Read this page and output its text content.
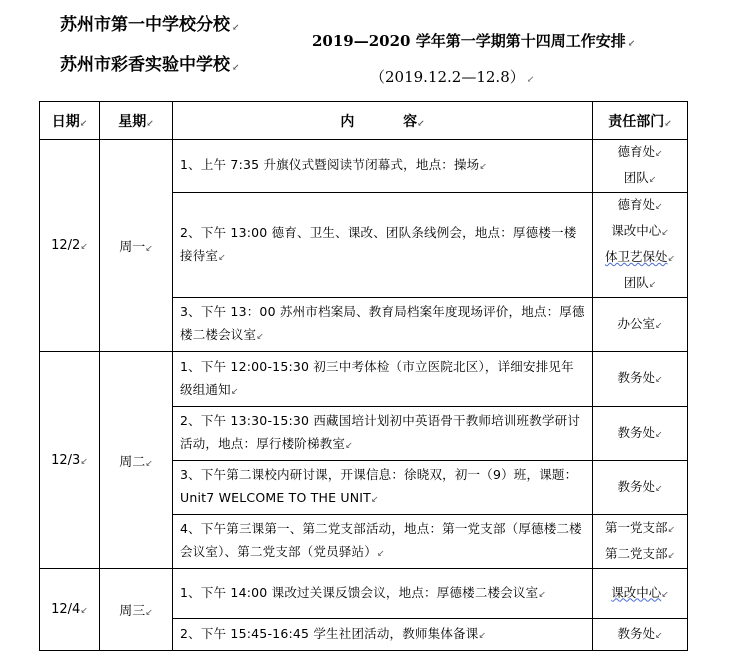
苏州市第一中学校分校 ↙
苏州市彩香实验中学校 ↙
2019—2020 学年第一学期第十四周工作安排 ↙
（2019.12.2—12.8） ↙
日期↙	星期↙	内          容↙	责任部门↙
12/2↙	周一↙	1、上午 7:35 升旗仪式暨阅读节闭幕式，地点：操场↙	德育处↙
团队↙
		2、下午 13:00 德育、卫生、课改、团队条线例会，地点：厚德楼一楼接待室↙	德育处↙
课改中心↙
体卫艺保处↙
团队↙
		3、下午 13：00 苏州市档案局、教育局档案年度现场评价，地点：厚德楼二楼会议室↙	办公室↙
12/3↙	周二↙	1、下午 12:00-15:30 初三中考体检（市立医院北区），详细安排见年级组通知↙	教务处↙
		2、下午 13:30-15:30 西藏国培计划初中英语骨干教师培训班教学研讨活动，地点：厚行楼阶梯教室↙	教务处↙
		3、下午第二课校内研讨课，开课信息：徐晓双，初一（9）班，课题：Unit7 WELCOME TO THE UNIT↙	教务处↙
		4、下午第三课第一、第二党支部活动，地点：第一党支部（厚德楼二楼会议室）、第二党支部（党员驿站）↙	第一党支部↙
第二党支部↙
12/4↙	周三↙	1、下午 14:00 课改过关课反馈会议，地点：厚德楼二楼会议室↙	课改中心↙
		2、下午 15:45-16:45 学生社团活动，教师集体备课↙	教务处↙
